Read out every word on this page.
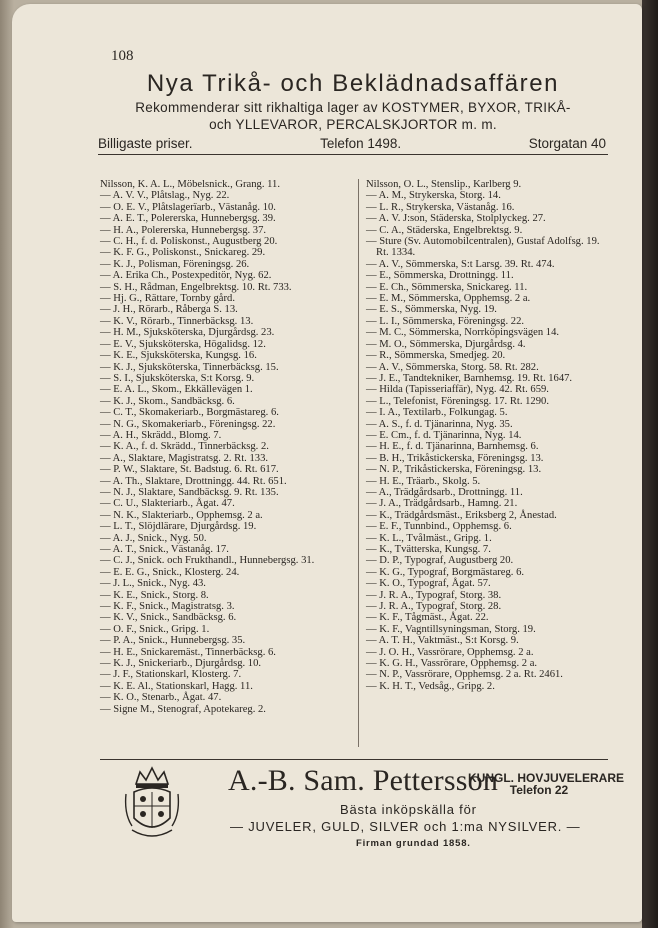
108
Nya Trikå- och Beklädnadsaffären
Rekommenderar sitt rikhaltiga lager av KOSTYMER, BYXOR, TRIKÅ-
och YLLEVAROR, PERCALSKJORTOR m. m.
Billigaste priser.	Telefon 1498.	Storgatan 40
Nilsson, K. A. L., Möbelsnick., Grang. 11.
— A. V. V., Plåtslag., Nyg. 22.
— O. E. V., Plåtslagerïarb., Västanåg. 10.
— A. E. T., Polererska, Hunnebergsg. 39.
— H. A., Polererska, Hunnebergsg. 37.
— C. H., f. d. Poliskonst., Augustberg 20.
— K. F. G., Poliskonst., Snickareg. 29.
— K. J., Polisman, Föreningsg. 26.
— A. Erika Ch., Postexpeditör, Nyg. 62.
— S. H., Rådman, Engelbrektsg. 10. Rt. 733.
— Hj. G., Rättare, Tornby gård.
— J. H., Rörarb., Råberga S. 13.
— K. V., Rörarb., Tinnerbäcksg. 13.
— H. M., Sjuksköterska, Djurgårdsg. 23.
— E. V., Sjuksköterska, Högalidsg. 12.
— K. E., Sjuksköterska, Kungsg. 16.
— K. J., Sjuksköterska, Tinnerbäcksg. 15.
— S. I., Sjuksköterska, S:t Korsg. 9.
— E. A. L., Skom., Ekkällevägen 1.
— K. J., Skom., Sandbäcksg. 6.
— C. T., Skomakeriarb., Borgmästareg. 6.
— N. G., Skomakeriarb., Föreningsg. 22.
— A. H., Skrädd., Blomg. 7.
— K. A., f. d. Skrädd., Tinnerbäcksg. 2.
— A., Slaktare, Magistratsg. 2. Rt. 133.
— P. W., Slaktare, St. Badstug. 6. Rt. 617.
— A. Th., Slaktare, Drottningg. 44. Rt. 651.
— N. J., Slaktare, Sandbäcksg. 9. Rt. 135.
— C. U., Slakteriarb., Ågat. 47.
— N. K., Slakteriarb., Opphemsg. 2 a.
— L. T., Slöjdlärare, Djurgårdsg. 19.
— A. J., Snick., Nyg. 50.
— A. T., Snick., Västanåg. 17.
— C. J., Snick. och Frukthandl., Hunnebergsg. 31.
— E. E. G., Snick., Klosterg. 24.
— J. L., Snick., Nyg. 43.
— K. E., Snick., Storg. 8.
— K. F., Snick., Magistratsg. 3.
— K. V., Snick., Sandbäcksg. 6.
— O. F., Snick., Gripg. 1.
— P. A., Snick., Hunnebergsg. 35.
— H. E., Snickaremäst., Tinnerbäcksg. 6.
— K. J., Snickeriarb., Djurgårdsg. 10.
— J. F., Stationskarl, Klosterg. 7.
— K. E. Al., Stationskarl, Hagg. 11.
— K. O., Stenarb., Ågat. 47.
— Signe M., Stenograf, Apotekareg. 2.
Nilsson, O. L., Stenslip., Karlberg 9.
— A. M., Strykerska, Storg. 14.
— L. R., Strykerska, Västanåg. 16.
— A. V. J:son, Städerska, Stolplyckeg. 27.
— C. A., Städerska, Engelbrektsg. 9.
— Sture (Sv. Automobilcentralen), Gustaf Adolfsg. 19. Rt. 1334.
— A. V., Sömmerska, S:t Larsg. 39. Rt. 474.
— E., Sömmerska, Drottningg. 11.
— E. Ch., Sömmerska, Snickareg. 11.
— E. M., Sömmerska, Opphemsg. 2 a.
— E. S., Sömmerska, Nyg. 19.
— L. I., Sömmerska, Föreningsg. 22.
— M. C., Sömmerska, Norrköpingsvägen 14.
— M. O., Sömmerska, Djurgårdsg. 4.
— R., Sömmerska, Smedjeg. 20.
— A. V., Sömmerska, Storg. 58. Rt. 282.
— J. E., Tandtekniker, Barnhemsg. 19. Rt. 1647.
— Hilda (Tapisseriaffär), Nyg. 42. Rt. 659.
— L., Telefonist, Föreningsg. 17. Rt. 1290.
— I. A., Textilarb., Folkungag. 5.
— A. S., f. d. Tjänarinna, Nyg. 35.
— E. Cm., f. d. Tjänarinna, Nyg. 14.
— H. E., f. d. Tjänarinna, Barnhemsg. 6.
— B. H., Trikåstickerska, Föreningsg. 13.
— N. P., Trikåstickerska, Föreningsg. 13.
— H. E., Träarb., Skolg. 5.
— A., Trädgårdsarb., Drottningg. 11.
— J. A., Trädgårdsarb., Hamng. 21.
— K., Trädgårdsmäst., Eriksberg 2, Ånestad.
— E. F., Tunnbind., Opphemsg. 6.
— K. L., Tvålmäst., Gripg. 1.
— K., Tvätterska, Kungsg. 7.
— D. P., Typograf, Augustberg 20.
— K. G., Typograf, Borgmästareg. 6.
— K. O., Typograf, Ågat. 57.
— J. R. A., Typograf, Storg. 38.
— J. R. A., Typograf, Storg. 28.
— K. F., Tågmäst., Ågat. 22.
— K. F., Vagntillsyningsman, Storg. 19.
— A. T. H., Vaktmäst., S:t Korsg. 9.
— J. O. H., Vassrörare, Opphemsg. 2 a.
— K. G. H., Vassrörare, Opphemsg. 2 a.
— N. P., Vassrörare, Opphemsg. 2 a. Rt. 2461.
— K. H. T., Vedsåg., Gripg. 2.
A.-B. Sam. Pettersson
KUNGL. HOVJUVELERARE
Telefon 22
Bästa inköpskälla för
— JUVELER, GULD, SILVER och 1:ma NYSILVER. —
Firman grundad 1858.
